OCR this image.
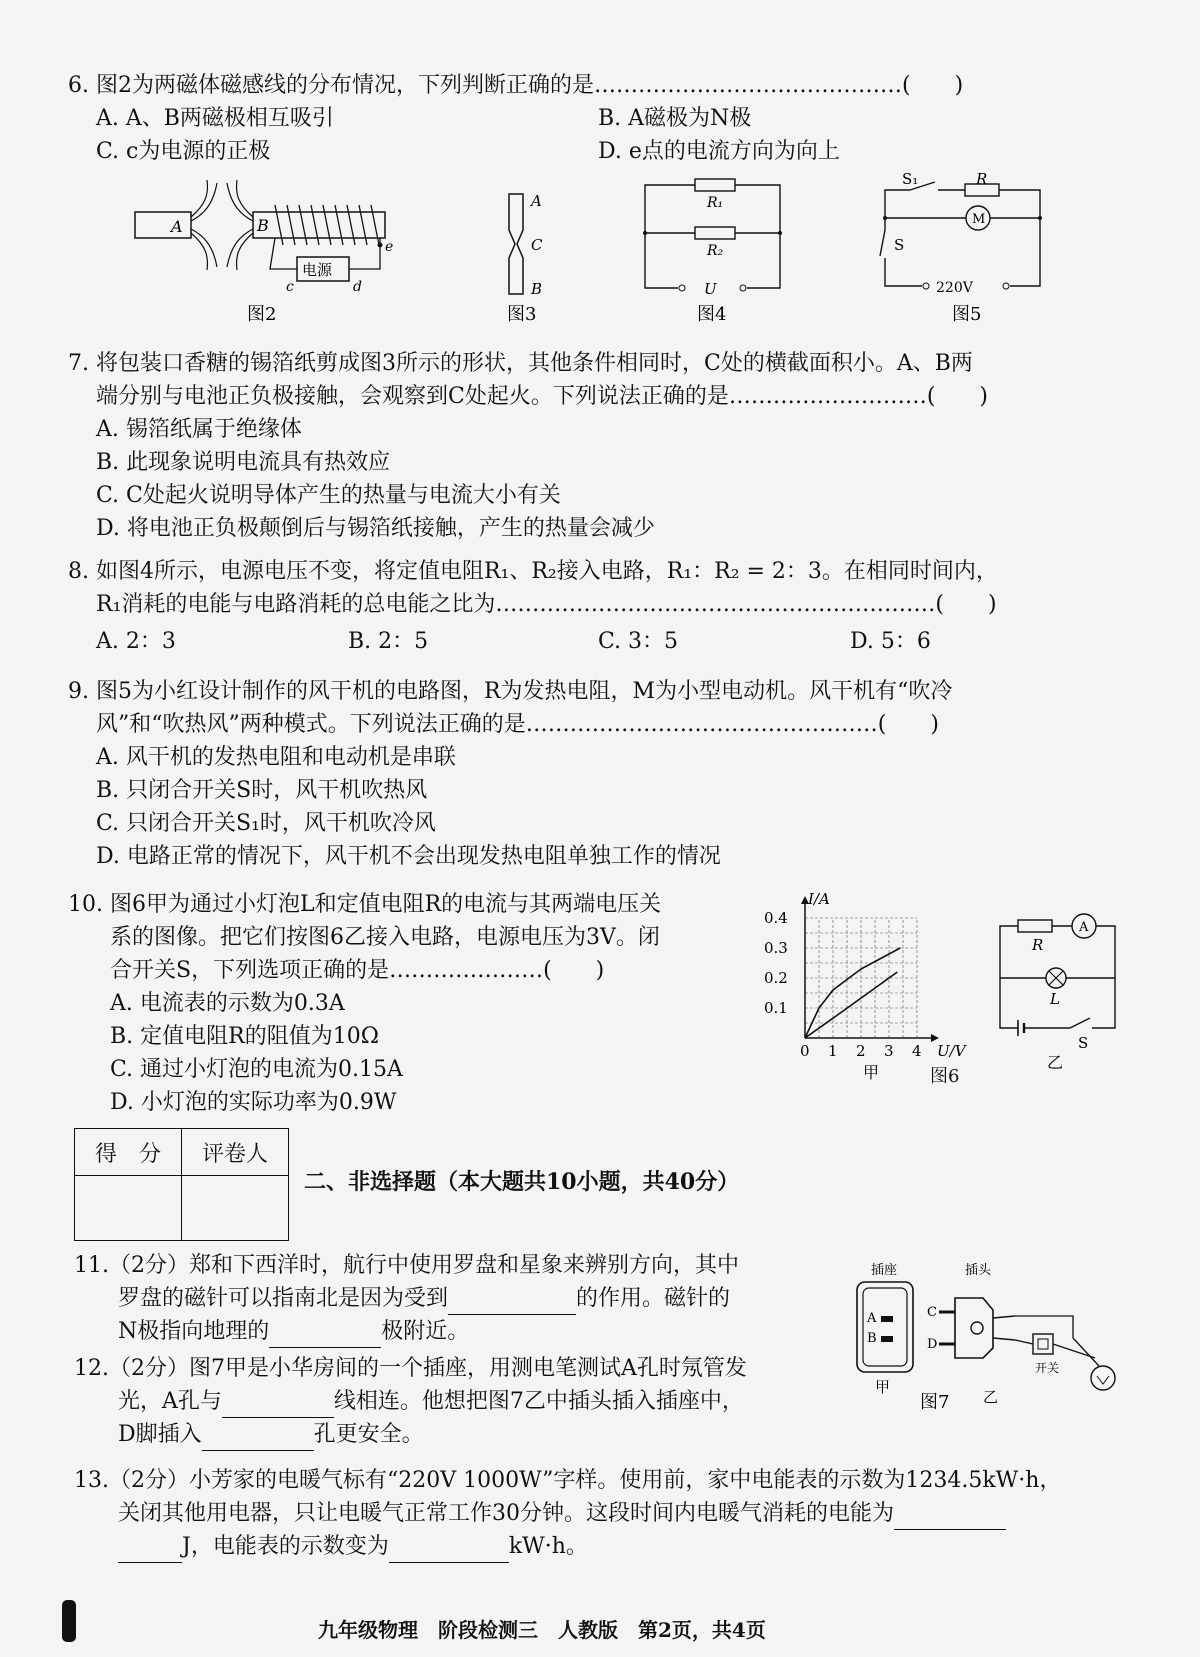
6. 图2为两磁体磁感线的分布情况，下列判断正确的是……………………………………(　　)
A. A、B两磁极相互吸引	B. A磁极为N极
C. c为电源的正极	D. e点的电流方向为向上
A	B
电源
e
c	d
图2
A
C
B
图3
R₁
R₂
U
图4
S₁	R
M
S
220V
图5
7. 将包装口香糖的锡箔纸剪成图3所示的形状，其他条件相同时，C处的横截面积小。A、B两
端分别与电池正负极接触，会观察到C处起火。下列说法正确的是………………………(　　)
A. 锡箔纸属于绝缘体
B. 此现象说明电流具有热效应
C. C处起火说明导体产生的热量与电流大小有关
D. 将电池正负极颠倒后与锡箔纸接触，产生的热量会减少
8. 如图4所示，电源电压不变，将定值电阻R₁、R₂接入电路，R₁：R₂ = 2：3。在相同时间内，
R₁消耗的电能与电路消耗的总电能之比为……………………………………………………(　　)
A. 2：3	B. 2：5	C. 3：5	D. 5：6
9. 图5为小红设计制作的风干机的电路图，R为发热电阻，M为小型电动机。风干机有“吹冷
风”和“吹热风”两种模式。下列说法正确的是…………………………………………(　　)
A. 风干机的发热电阻和电动机是串联
B. 只闭合开关S时，风干机吹热风
C. 只闭合开关S₁时，风干机吹冷风
D. 电路正常的情况下，风干机不会出现发热电阻单独工作的情况
10. 图6甲为通过小灯泡L和定值电阻R的电流与其两端电压关
系的图像。把它们按图6乙接入电路，电源电压为3V。闭
合开关S，下列选项正确的是…………………(　　)
A. 电流表的示数为0.3A
B. 定值电阻R的阻值为10Ω
C. 通过小灯泡的电流为0.15A
D. 小灯泡的实际功率为0.9W
I/A
U/V
0.4
0.3
0.2
0.1
0 1 2 3 4
甲	图6
R
A
L
S
乙
得　分	评卷人

二、非选择题（本大题共10小题，共40分）
11.（2分）郑和下西洋时，航行中使用罗盘和星象来辨别方向，其中
罗盘的磁针可以指南北是因为受到	的作用。磁针的
N极指向地理的	极附近。
12.（2分）图7甲是小华房间的一个插座，用测电笔测试A孔时氖管发
光，A孔与	线相连。他想把图7乙中插头插入插座中，
D脚插入	孔更安全。
插座
A
B
甲
插头
C
D
开关
乙
图7
13.（2分）小芳家的电暖气标有“220V 1000W”字样。使用前，家中电能表的示数为1234.5kW·h，
关闭其他用电器，只让电暖气正常工作30分钟。这段时间内电暖气消耗的电能为
J，电能表的示数变为	kW·h。
九年级物理　阶段检测三　人教版　第2页，共4页
